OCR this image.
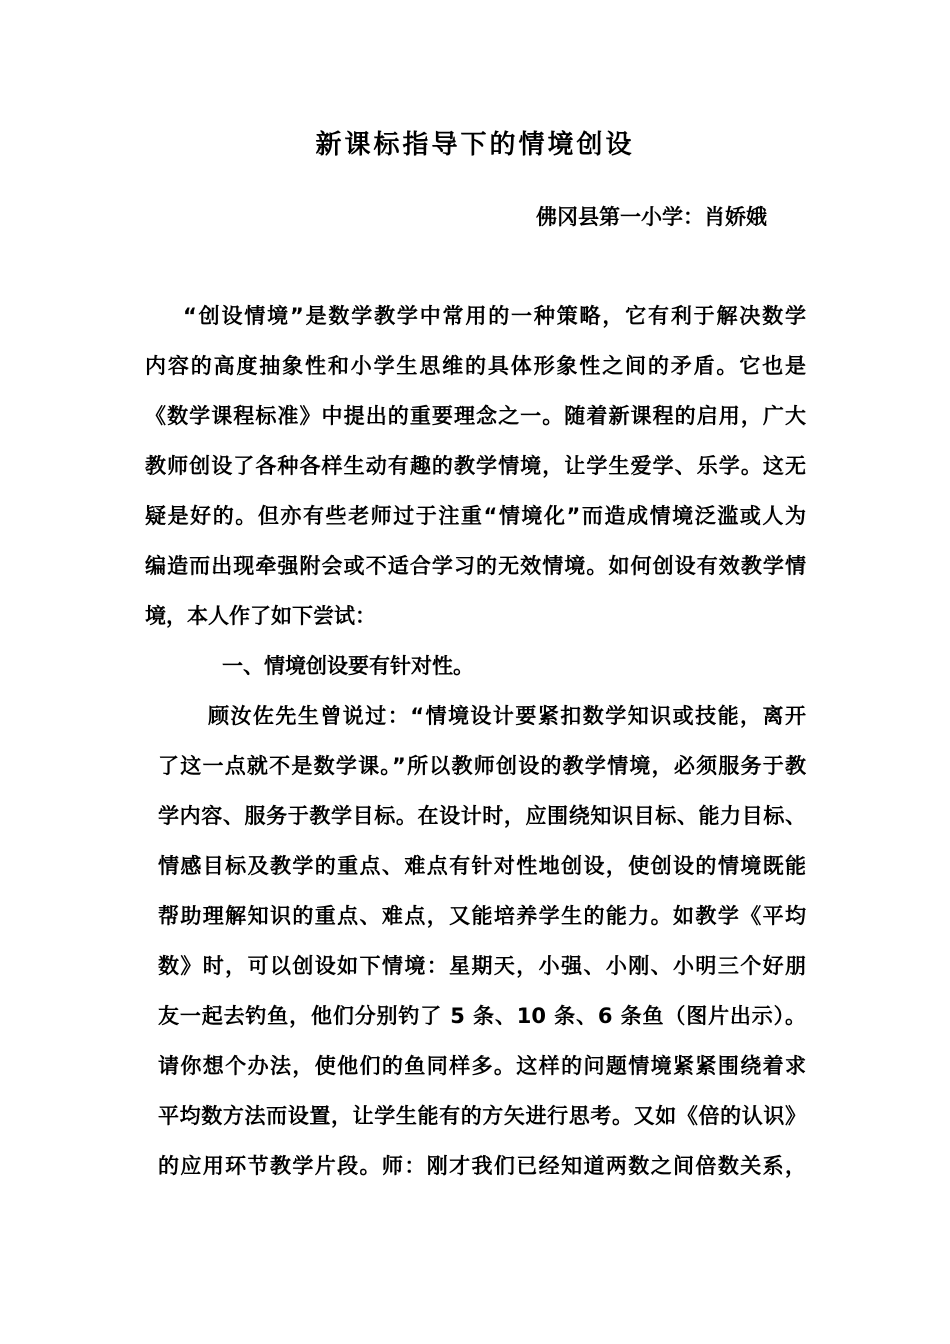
新课标指导下的情境创设
佛冈县第一小学：肖娇娥
“创设情境”是数学教学中常用的一种策略，它有利于解决数学
内容的高度抽象性和小学生思维的具体形象性之间的矛盾。它也是
《数学课程标准》中提出的重要理念之一。随着新课程的启用，广大
教师创设了各种各样生动有趣的教学情境，让学生爱学、乐学。这无
疑是好的。但亦有些老师过于注重“情境化”而造成情境泛滥或人为
编造而出现牵强附会或不适合学习的无效情境。如何创设有效教学情
境，本人作了如下尝试：
一、情境创设要有针对性。
顾汝佐先生曾说过：“情境设计要紧扣数学知识或技能，离开
了这一点就不是数学课。”所以教师创设的教学情境，必须服务于教
学内容、服务于教学目标。在设计时，应围绕知识目标、能力目标、
情感目标及教学的重点、难点有针对性地创设，使创设的情境既能
帮助理解知识的重点、难点，又能培养学生的能力。如教学《平均
数》时，可以创设如下情境：星期天，小强、小刚、小明三个好朋
友一起去钓鱼，他们分别钓了 5 条、10 条、6 条鱼（图片出示）。
请你想个办法，使他们的鱼同样多。这样的问题情境紧紧围绕着求
平均数方法而设置，让学生能有的方矢进行思考。又如《倍的认识》
的应用环节教学片段。师：刚才我们已经知道两数之间倍数关系，
